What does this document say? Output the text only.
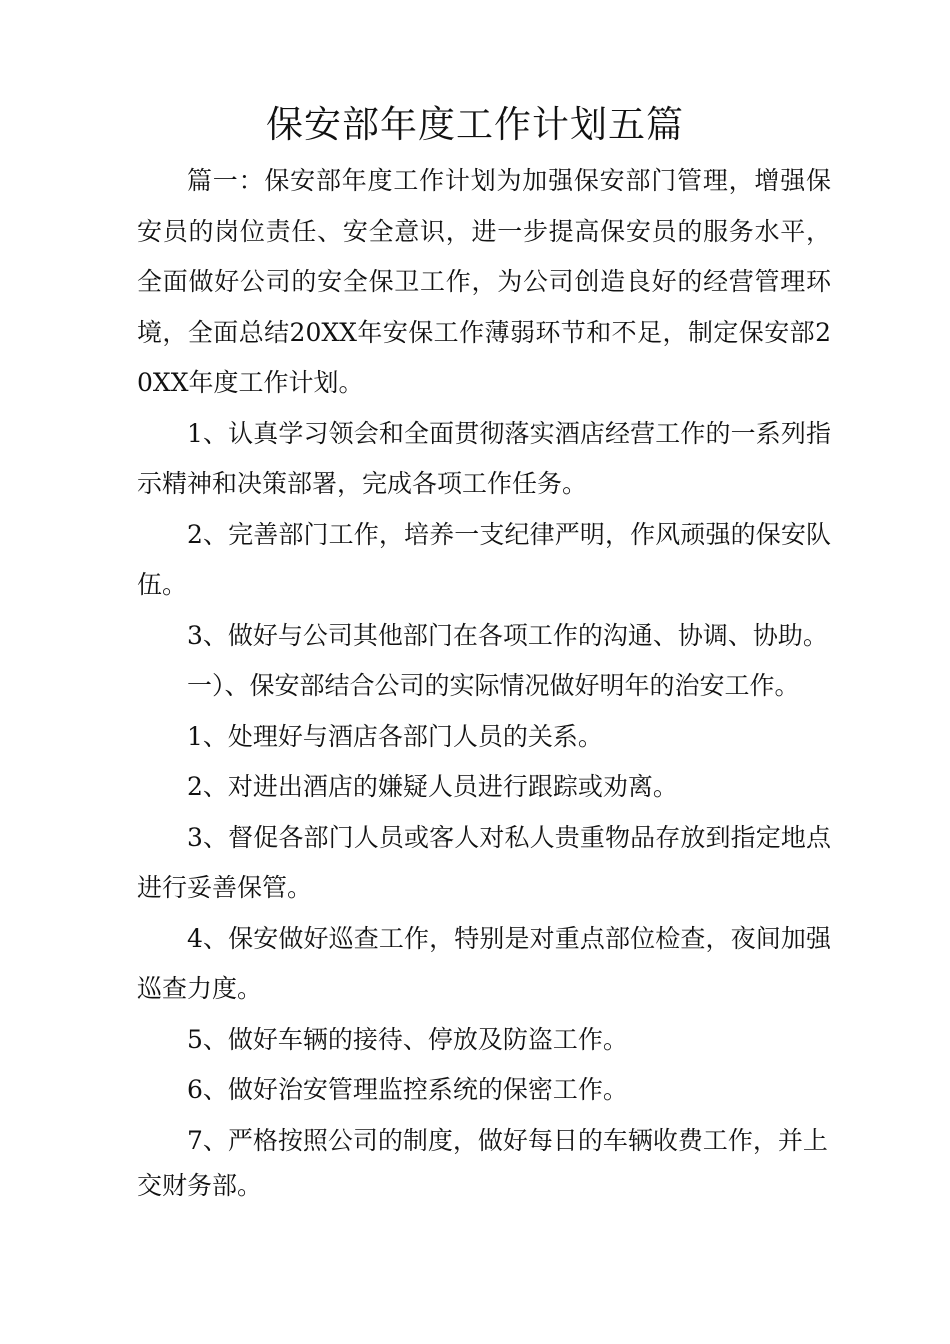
保安部年度工作计划五篇

篇一：保安部年度工作计划为加强保安部门管理，增强保安员的岗位责任、安全意识，进一步提高保安员的服务水平，全面做好公司的安全保卫工作，为公司创造良好的经营管理环境，全面总结20XX年安保工作薄弱环节和不足，制定保安部20XX年度工作计划。

1、认真学习领会和全面贯彻落实酒店经营工作的一系列指示精神和决策部署，完成各项工作任务。

2、完善部门工作，培养一支纪律严明，作风顽强的保安队伍。

3、做好与公司其他部门在各项工作的沟通、协调、协助。

一）、保安部结合公司的实际情况做好明年的治安工作。

1、处理好与酒店各部门人员的关系。

2、对进出酒店的嫌疑人员进行跟踪或劝离。

3、督促各部门人员或客人对私人贵重物品存放到指定地点进行妥善保管。

4、保安做好巡查工作，特别是对重点部位检查，夜间加强巡查力度。

5、做好车辆的接待、停放及防盗工作。

6、做好治安管理监控系统的保密工作。

7、严格按照公司的制度，做好每日的车辆收费工作，并上交财务部。
